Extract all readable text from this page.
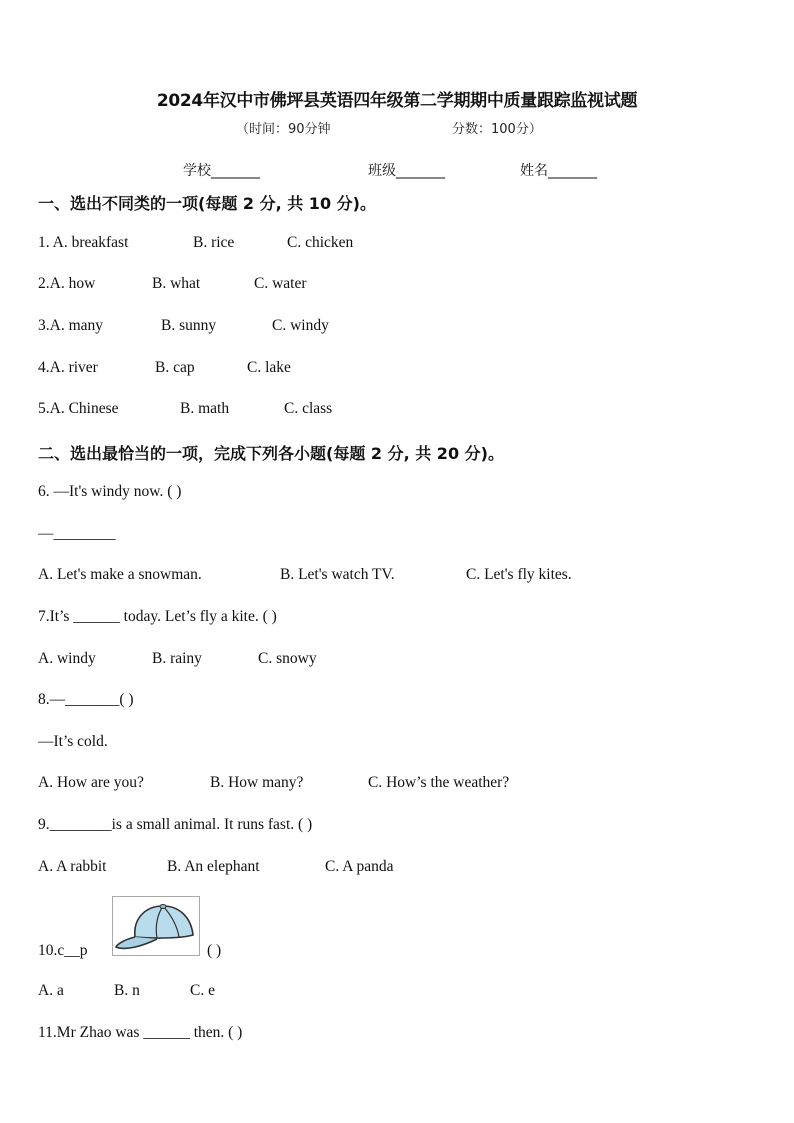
2024年汉中市佛坪县英语四年级第二学期期中质量跟踪监视试题
（时间：90分钟	分数：100分）
学校_______	班级_______	姓名_______
一、选出不同类的一项(每题 2 分, 共 10 分)。
1. A. breakfast	B. rice	C. chicken
2.A. how	B. what	C. water
3.A. many	B. sunny	C. windy
4.A. river	B. cap	C. lake
5.A. Chinese	B. math	C. class
二、选出最恰当的一项，完成下列各小题(每题 2 分, 共 20 分)。
6. —It's windy now. ( )
—________
A. Let's make a snowman.	B. Let's watch TV.	C. Let's fly kites.
7.It’s ______ today. Let’s fly a kite. ( )
A. windy	B. rainy	C. snowy
8.—_______( )
—It’s cold.
A. How are you?	B. How many?	C. How’s the weather?
9.________is a small animal. It runs fast. ( )
A. A rabbit	B. An elephant	C. A panda
10.c__p	( )
A. a	B. n	C. e
11.Mr Zhao was ______ then. ( )
